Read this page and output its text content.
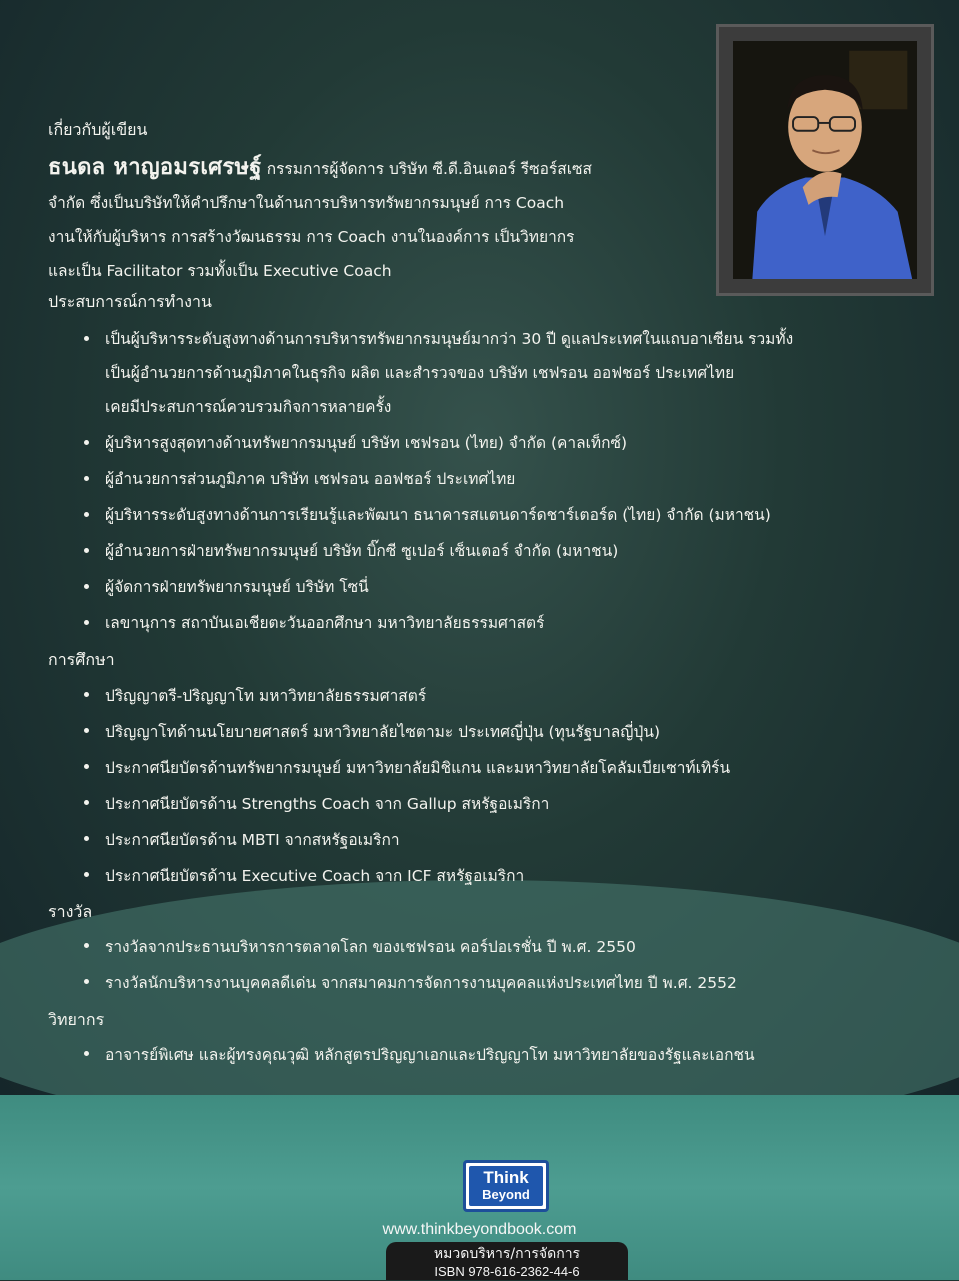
เกี่ยวกับผู้เขียน
ธนดล หาญอมรเศรษฐ์ กรรมการผู้จัดการ บริษัท ซี.ดี.อินเตอร์ รีซอร์สเซส
จำกัด ซึ่งเป็นบริษัทให้คำปรึกษาในด้านการบริหารทรัพยากรมนุษย์ การ Coach
งานให้กับผู้บริหาร การสร้างวัฒนธรรม การ Coach งานในองค์การ เป็นวิทยากร
และเป็น Facilitator รวมทั้งเป็น Executive Coach
ประสบการณ์การทำงาน
เป็นผู้บริหารระดับสูงทางด้านการบริหารทรัพยากรมนุษย์มากว่า 30 ปี ดูแลประเทศในแถบอาเซียน รวมทั้ง
เป็นผู้อำนวยการด้านภูมิภาคในธุรกิจ ผลิต และสำรวจของ บริษัท เชฟรอน ออฟชอร์ ประเทศไทย
เคยมีประสบการณ์ควบรวมกิจการหลายครั้ง
ผู้บริหารสูงสุดทางด้านทรัพยากรมนุษย์ บริษัท เชฟรอน (ไทย) จำกัด (คาลเท็กซ์)
ผู้อำนวยการส่วนภูมิภาค บริษัท เชฟรอน ออฟชอร์ ประเทศไทย
ผู้บริหารระดับสูงทางด้านการเรียนรู้และพัฒนา ธนาคารสแตนดาร์ดชาร์เตอร์ด (ไทย) จำกัด (มหาชน)
ผู้อำนวยการฝ่ายทรัพยากรมนุษย์ บริษัท บิ๊กซี ซูเปอร์ เซ็นเตอร์ จำกัด (มหาชน)
ผู้จัดการฝ่ายทรัพยากรมนุษย์ บริษัท โซนี่
เลขานุการ สถาบันเอเชียตะวันออกศึกษา มหาวิทยาลัยธรรมศาสตร์
การศึกษา
ปริญญาตรี-ปริญญาโท มหาวิทยาลัยธรรมศาสตร์
ปริญญาโทด้านนโยบายศาสตร์ มหาวิทยาลัยไซตามะ ประเทศญี่ปุ่น (ทุนรัฐบาลญี่ปุ่น)
ประกาศนียบัตรด้านทรัพยากรมนุษย์ มหาวิทยาลัยมิชิแกน และมหาวิทยาลัยโคลัมเบียเซาท์เทิร์น
ประกาศนียบัตรด้าน Strengths Coach จาก Gallup สหรัฐอเมริกา
ประกาศนียบัตรด้าน MBTI จากสหรัฐอเมริกา
ประกาศนียบัตรด้าน Executive Coach จาก ICF สหรัฐอเมริกา
รางวัล
รางวัลจากประธานบริหารการตลาดโลก ของเชฟรอน คอร์ปอเรชั่น ปี พ.ศ. 2550
รางวัลนักบริหารงานบุคคลดีเด่น จากสมาคมการจัดการงานบุคคลแห่งประเทศไทย ปี พ.ศ. 2552
วิทยากร
อาจารย์พิเศษ และผู้ทรงคุณวุฒิ หลักสูตรปริญญาเอกและปริญญาโท มหาวิทยาลัยของรัฐและเอกชน
Think
Beyond
www.thinkbeyondbook.com
หมวดบริหาร/การจัดการ
ISBN 978-616-2362-44-6
